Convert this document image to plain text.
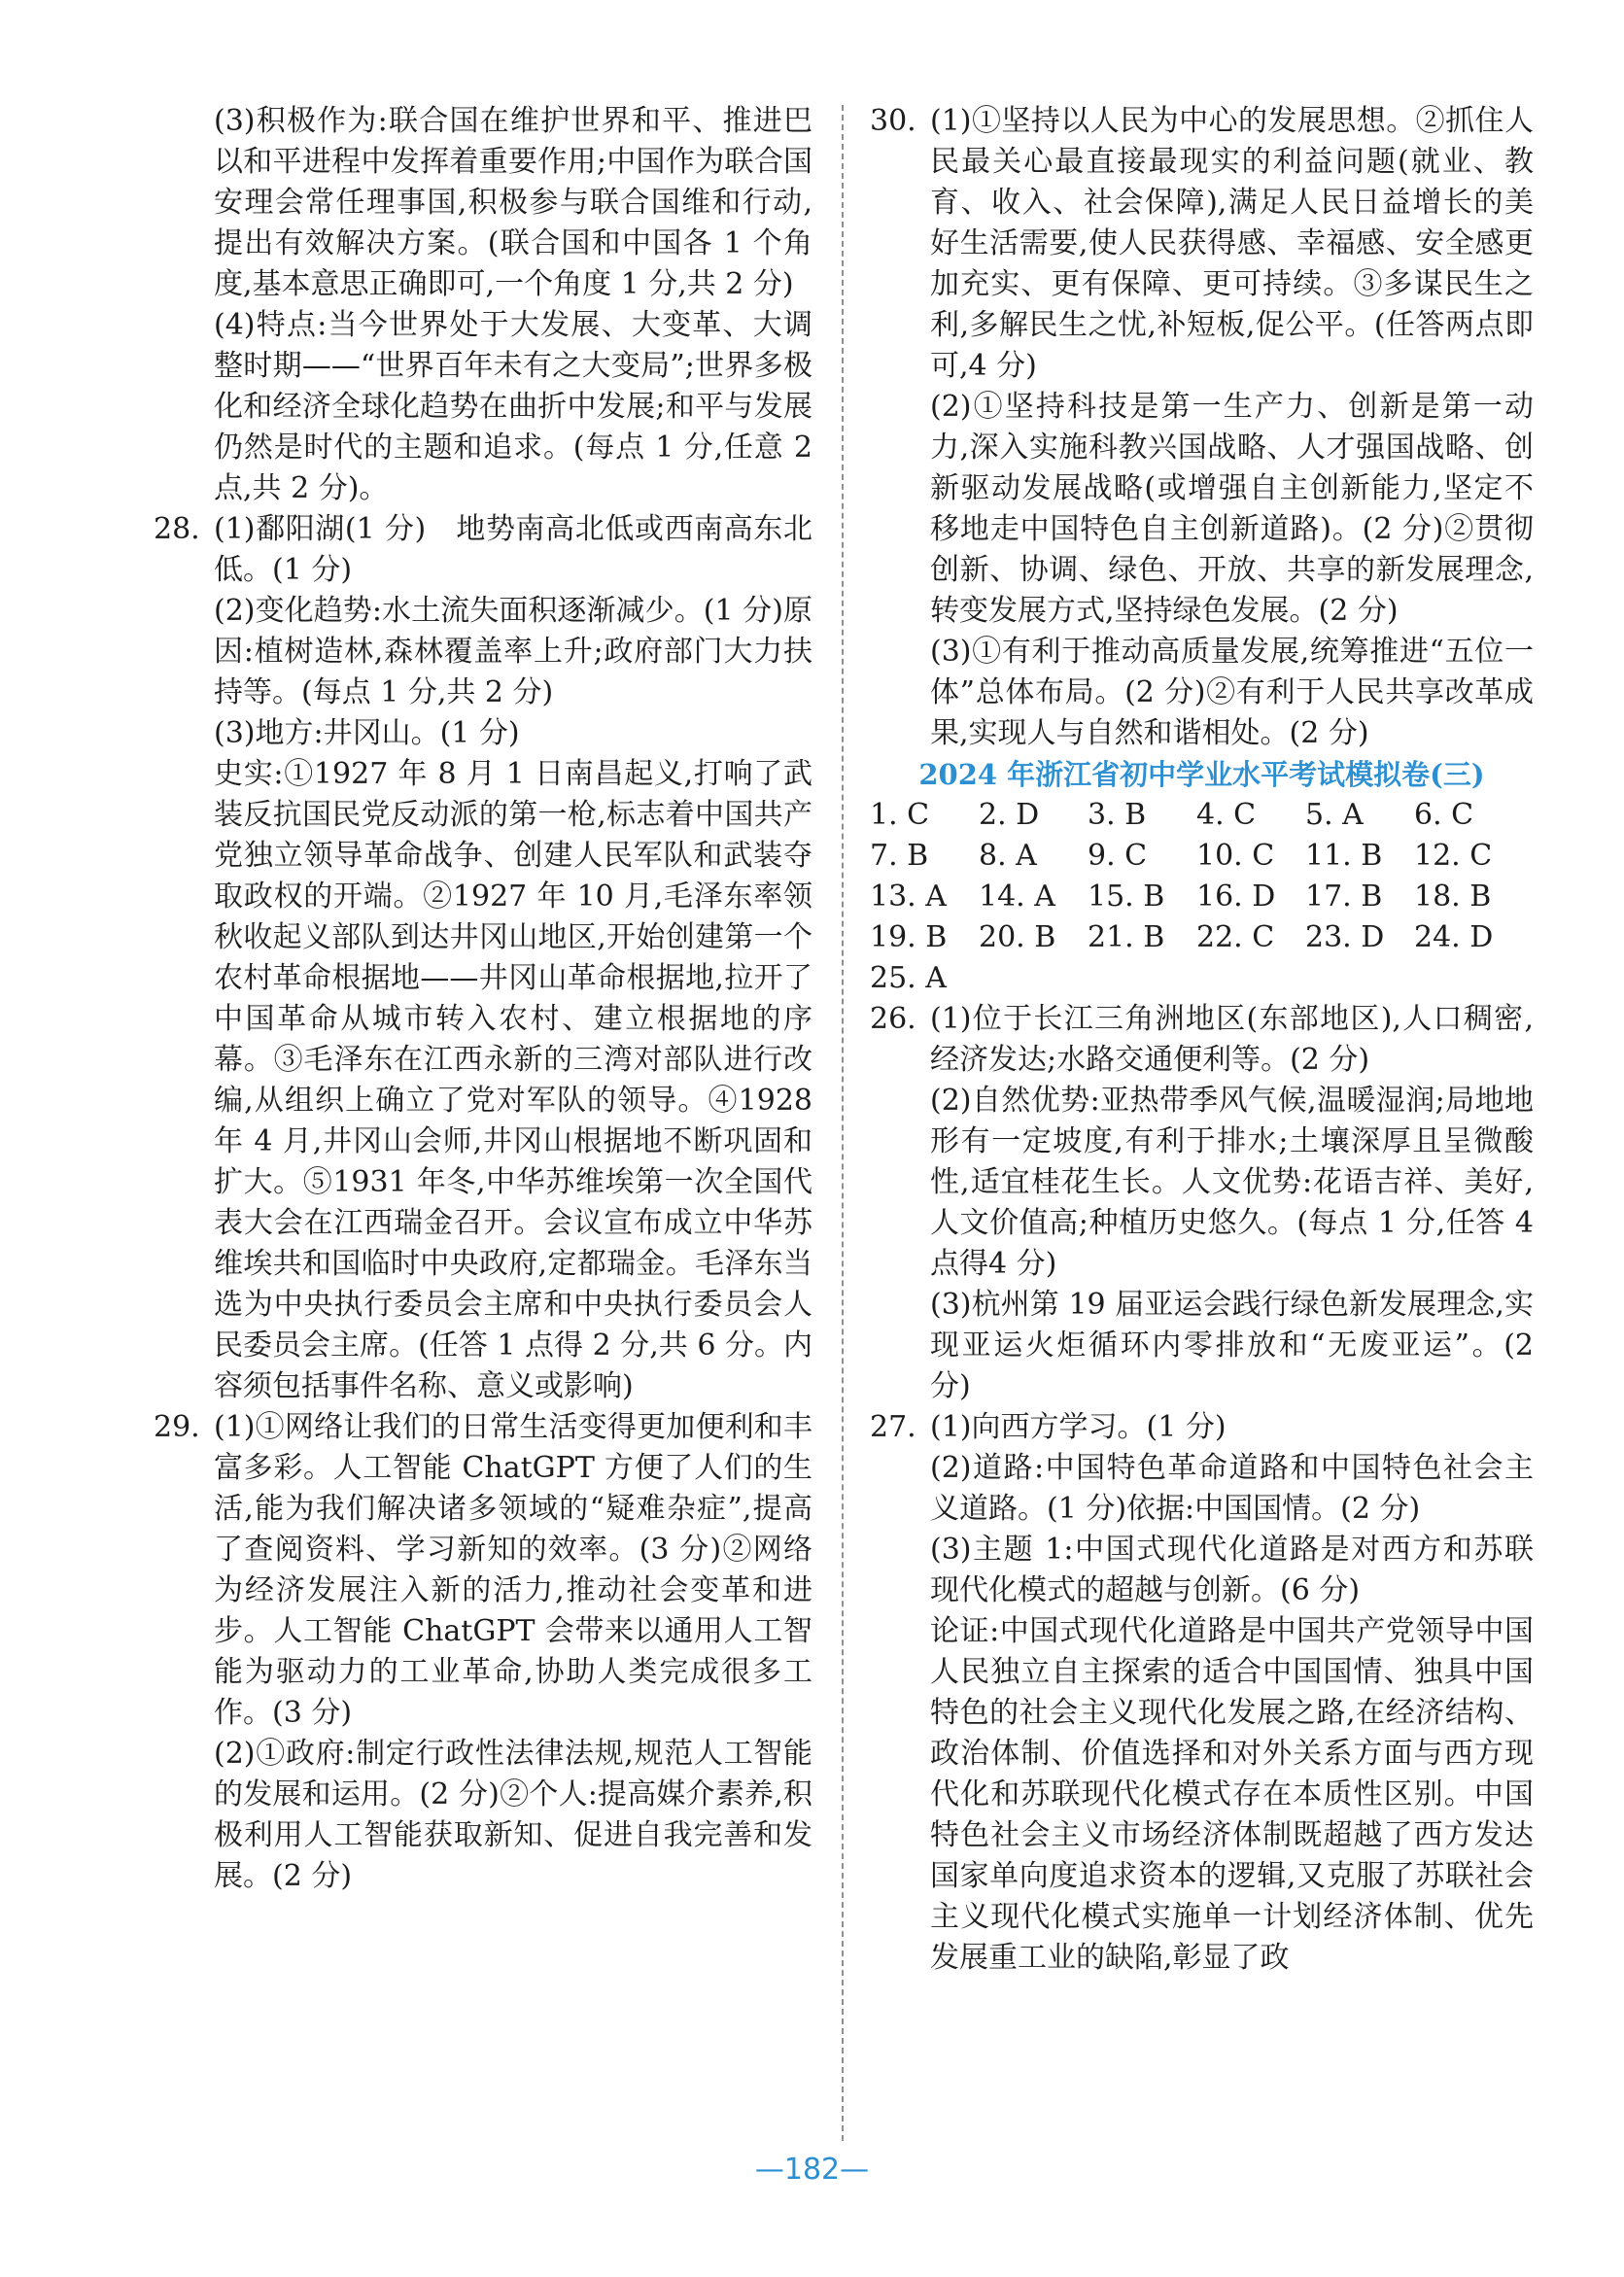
(3)积极作为:联合国在维护世界和平、推进巴以和平进程中发挥着重要作用;中国作为联合国安理会常任理事国,积极参与联合国维和行动,提出有效解决方案。(联合国和中国各 1 个角度,基本意思正确即可,一个角度 1 分,共 2 分)

(4)特点:当今世界处于大发展、大变革、大调整时期——“世界百年未有之大变局”;世界多极化和经济全球化趋势在曲折中发展;和平与发展仍然是时代的主题和追求。(每点 1 分,任意 2 点,共 2 分)。

28. (1)鄱阳湖(1 分)　地势南高北低或西南高东北低。(1 分)

(2)变化趋势:水土流失面积逐渐减少。(1 分)原因:植树造林,森林覆盖率上升;政府部门大力扶持等。(每点 1 分,共 2 分)

(3)地方:井冈山。(1 分)

史实:①1927 年 8 月 1 日南昌起义,打响了武装反抗国民党反动派的第一枪,标志着中国共产党独立领导革命战争、创建人民军队和武装夺取政权的开端。②1927 年 10 月,毛泽东率领秋收起义部队到达井冈山地区,开始创建第一个农村革命根据地——井冈山革命根据地,拉开了中国革命从城市转入农村、建立根据地的序幕。③毛泽东在江西永新的三湾对部队进行改编,从组织上确立了党对军队的领导。④1928 年 4 月,井冈山会师,井冈山根据地不断巩固和扩大。⑤1931 年冬,中华苏维埃第一次全国代表大会在江西瑞金召开。会议宣布成立中华苏维埃共和国临时中央政府,定都瑞金。毛泽东当选为中央执行委员会主席和中央执行委员会人民委员会主席。(任答 1 点得 2 分,共 6 分。内容须包括事件名称、意义或影响)

29. (1)①网络让我们的日常生活变得更加便利和丰富多彩。人工智能 ChatGPT 方便了人们的生活,能为我们解决诸多领域的“疑难杂症”,提高了查阅资料、学习新知的效率。(3 分)②网络为经济发展注入新的活力,推动社会变革和进步。人工智能 ChatGPT 会带来以通用人工智能为驱动力的工业革命,协助人类完成很多工作。(3 分)

(2)①政府:制定行政性法律法规,规范人工智能的发展和运用。(2 分)②个人:提高媒介素养,积极利用人工智能获取新知、促进自我完善和发展。(2 分)

30. (1)①坚持以人民为中心的发展思想。②抓住人民最关心最直接最现实的利益问题(就业、教育、收入、社会保障),满足人民日益增长的美好生活需要,使人民获得感、幸福感、安全感更加充实、更有保障、更可持续。③多谋民生之利,多解民生之忧,补短板,促公平。(任答两点即可,4 分)

(2)①坚持科技是第一生产力、创新是第一动力,深入实施科教兴国战略、人才强国战略、创新驱动发展战略(或增强自主创新能力,坚定不移地走中国特色自主创新道路)。(2 分)②贯彻创新、协调、绿色、开放、共享的新发展理念,转变发展方式,坚持绿色发展。(2 分)

(3)①有利于推动高质量发展,统筹推进“五位一体”总体布局。(2 分)②有利于人民共享改革成果,实现人与自然和谐相处。(2 分)

2024 年浙江省初中学业水平考试模拟卷(三)

1. C	2. D	3. B	4. C	5. A	6. C
7. B	8. A	9. C	10. C	11. B	12. C
13. A	14. A	15. B	16. D	17. B	18. B
19. B	20. B	21. B	22. C	23. D	24. D
25. A

26. (1)位于长江三角洲地区(东部地区),人口稠密,经济发达;水路交通便利等。(2 分)

(2)自然优势:亚热带季风气候,温暖湿润;局地地形有一定坡度,有利于排水;土壤深厚且呈微酸性,适宜桂花生长。人文优势:花语吉祥、美好,人文价值高;种植历史悠久。(每点 1 分,任答 4 点得4 分)

(3)杭州第 19 届亚运会践行绿色新发展理念,实现亚运火炬循环内零排放和“无废亚运”。(2 分)

27. (1)向西方学习。(1 分)

(2)道路:中国特色革命道路和中国特色社会主义道路。(1 分)依据:中国国情。(2 分)

(3)主题 1:中国式现代化道路是对西方和苏联现代化模式的超越与创新。(6 分)

论证:中国式现代化道路是中国共产党领导中国人民独立自主探索的适合中国国情、独具中国特色的社会主义现代化发展之路,在经济结构、政治体制、价值选择和对外关系方面与西方现代化和苏联现代化模式存在本质性区别。中国特色社会主义市场经济体制既超越了西方发达国家单向度追求资本的逻辑,又克服了苏联社会主义现代化模式实施单一计划经济体制、优先发展重工业的缺陷,彰显了政

—182—
